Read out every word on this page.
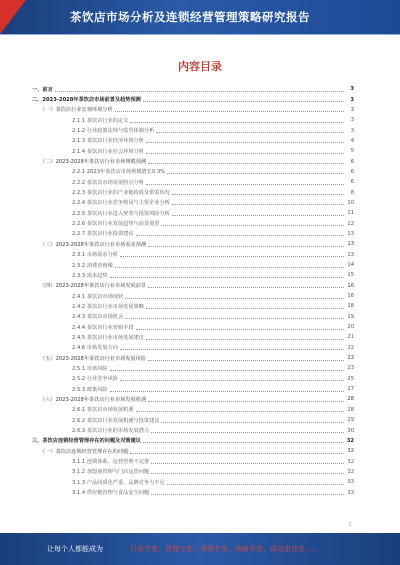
茶饮店市场分析及连锁经营管理策略研究报告
内容目录
一、前言	3
二、2023-2028年茶饮店市场前景及趋势预测	3
（一）茶饮店行业宏观环境分析	3
2.1.1 茶饮店行业的定义	3
2.1.2 行业政策法规与监管体制分析	3
2.1.3 茶饮店行业经济环境分析	4
2.1.4 茶饮店行业社会环境分析	5
（二）2023-2028年茶饮店行业市场规模预测	6
2.2.1 2023年茶饮店市场规模增长0.3%	6
2.2.2 茶饮店市场发展特点分析	6
2.2.3 茶饮店行业的产业链构成及供需状况	8
2.2.4 茶饮店行业竞争格局与主要企业分析	10
2.2.5 茶饮店行业进入壁垒与投资风险分析	11
2.2.6 茶饮店行业发展趋势与前景展望	12
2.2.7 茶饮店行业投资建议	13
（三）2023-2028年茶饮店行业市场需求预测	13
2.3.1 市场需求分析	13
2.3.2 消费者画像	14
2.3.3 需求趋势	15
（四）2023-2028年茶饮店行业市场发展前景	16
2.4.1 茶饮店市场现状	16
2.4.2 茶饮店行业市场发展策略	18
2.4.3 茶饮店市场机会	19
2.4.4 茶饮店行业营销手段	20
2.4.5 茶饮店行业市场发展建议	21
2.4.6 市场发展方向	22
（五）2023-2028年茶饮店行业市场发展风险	23
2.5.1 市场风险	23
2.5.2 行业竞争风险	25
2.5.3 政策风险	27
（六）2023-2028年茶饮店行业市场发展机遇	28
2.6.1 茶饮店市场发展机遇	28
2.6.2 茶饮店行业发展机遇与投资建议	29
2.6.3 茶饮店行业的市场发展潜力	30
三、茶饮店连锁经营管理存在的问题及对策建议	32
（一）茶饮店连锁经营管理存在的问题	32
3.1.1 连锁体系、运营管理不完善	32
3.1.2 加盟商管理与门店运营问题	32
3.1.3 产品同质化严重、品牌竞争力不足	33
3.1.4 供应链管理与食品安全问题	33
1
让每个人都能成为	行业专家、管理专家、营销专家、战略专家、成功企业家……
